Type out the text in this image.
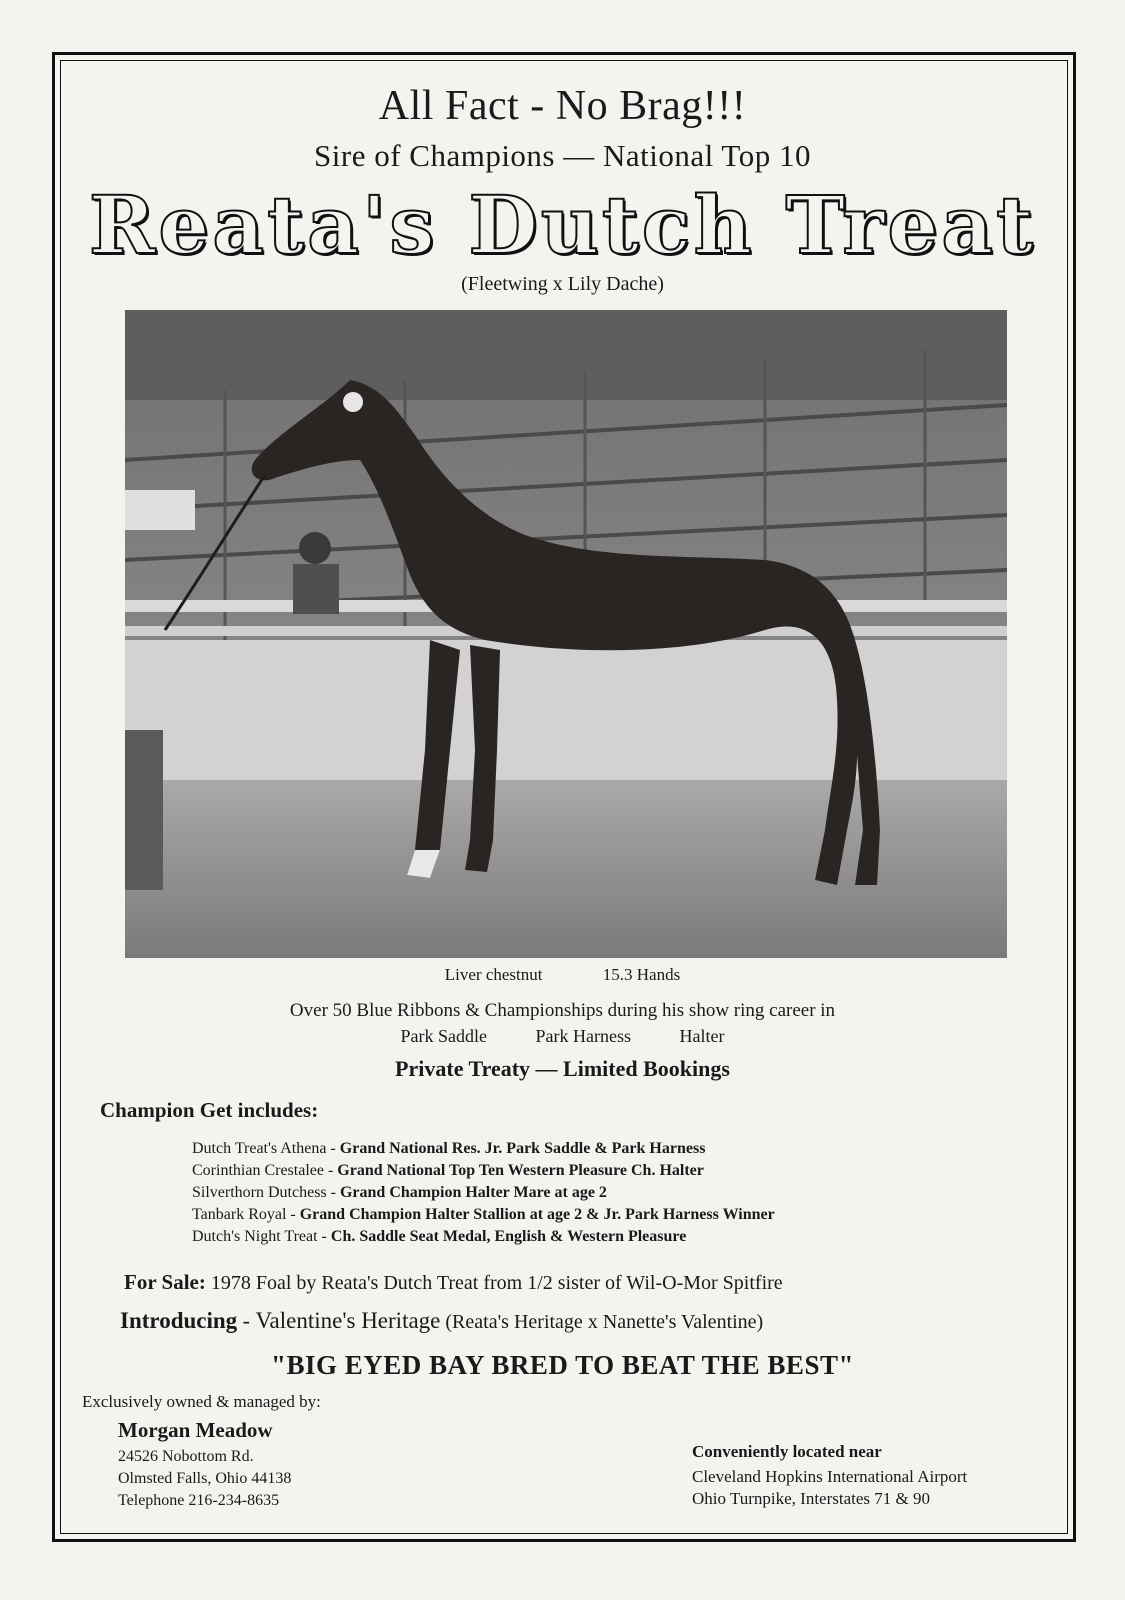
All Fact - No Brag!!!
Sire of Champions — National Top 10
Reata's Dutch Treat
(Fleetwing x Lily Dache)
Liver chestnut	15.3 Hands
Over 50 Blue Ribbons & Championships during his show ring career in
Park Saddle	Park Harness	Halter
Private Treaty — Limited Bookings
Champion Get includes:
Dutch Treat's Athena - Grand National Res. Jr. Park Saddle & Park Harness
Corinthian Crestalee - Grand National Top Ten Western Pleasure Ch. Halter
Silverthorn Dutchess - Grand Champion Halter Mare at age 2
Tanbark Royal - Grand Champion Halter Stallion at age 2 & Jr. Park Harness Winner
Dutch's Night Treat - Ch. Saddle Seat Medal, English & Western Pleasure
For Sale: 1978 Foal by Reata's Dutch Treat from 1/2 sister of Wil-O-Mor Spitfire
Introducing - Valentine's Heritage (Reata's Heritage x Nanette's Valentine)
"BIG EYED BAY BRED TO BEAT THE BEST"
Exclusively owned & managed by:
Morgan Meadow
24526 Nobottom Rd.
Olmsted Falls, Ohio 44138
Telephone 216-234-8635
Conveniently located near
Cleveland Hopkins International Airport
Ohio Turnpike, Interstates 71 & 90
